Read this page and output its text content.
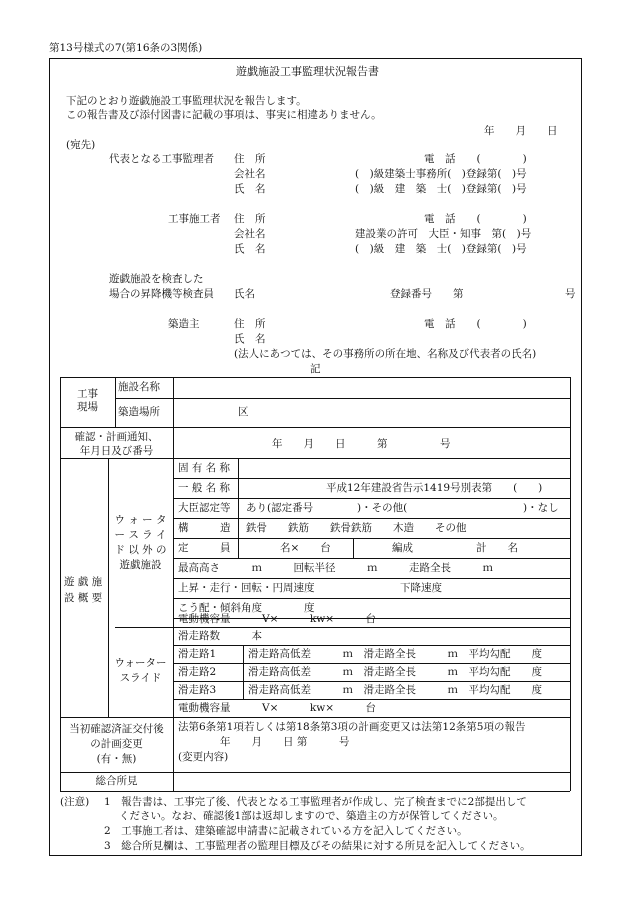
第13号様式の7(第16条の3関係)
遊戯施設工事監理状況報告書
下記のとおり遊戯施設工事監理状況を報告します。
この報告書及び添付図書に記載の事項は、事実に相違ありません。
年　　月　　日
(宛先)
代表となる工事監理者 住　所	電　話　　(　　　　)
会社名	(　)級建築士事務所(　)登録第(　)号
氏　名	(　)級　建　築　士(　)登録第(　)号
工事施工者 住　所	電　話　　(　　　　)
会社名	建設業の許可　大臣・知事　第(　)号
氏　名	(　)級　建　築　士(　)登録第(　)号
遊戯施設を検査した
場合の昇降機等検査員 氏名	登録番号　　第	号
築造主	住　所	電　話　　(　　　　)
氏　名
(法人にあつては、その事務所の所在地、名称及び代表者の氏名)
記
工事
現場
施設名称
築造場所	区
確認・計画通知、
年月日及び番号
年　　月　　日　　　第　　　　　号
遊 戯 施
設 概 要
ウ ォ ー タ
ー ス ラ イ
ド 以 外 の
遊戯施設
固 有 名 称
一 般 名 称	平成12年建設省告示1419号別表第　　(　　)
大臣認定等 あり(認定番号	)・その他(	)・なし
構　　　造 鉄骨　　鉄筋　　鉄骨鉄筋　　木造　　その他
定　　　員	名×　　台	編成　　　　　　計　　名
最高高さ　　　ｍ　　　回転半径　　　ｍ　　　走路全長　　　ｍ
上昇・走行・回転・円周速度	下降速度
こう配・傾斜角度　　　　度
電動機容量　　　V×　　　kw×　　　台
ウォーター
スライド
滑走路数　　　本
滑走路1	滑走路高低差　　　ｍ　滑走路全長　　　ｍ　平均勾配　　度
滑走路2	滑走路高低差　　　ｍ　滑走路全長　　　ｍ　平均勾配　　度
滑走路3	滑走路高低差　　　ｍ　滑走路全長　　　ｍ　平均勾配　　度
電動機容量　　　V×　　　kw×　　　台
当初確認済証交付後
の計画変更
(有・無)
法第6条第1項若しくは第18条第3項の計画変更又は法第12条第5項の報告
年　　月　　日 第　　　号
(変更内容)
総合所見
(注意) 1　報告書は、工事完了後、代表となる工事監理者が作成し、完了検査までに2部提出して
ください。なお、確認後1部は返却しますので、築造主の方が保管してください。
2　工事施工者は、建築確認申請書に記載されている方を記入してください。
3　総合所見欄は、工事監理者の監理目標及びその結果に対する所見を記入してください。
